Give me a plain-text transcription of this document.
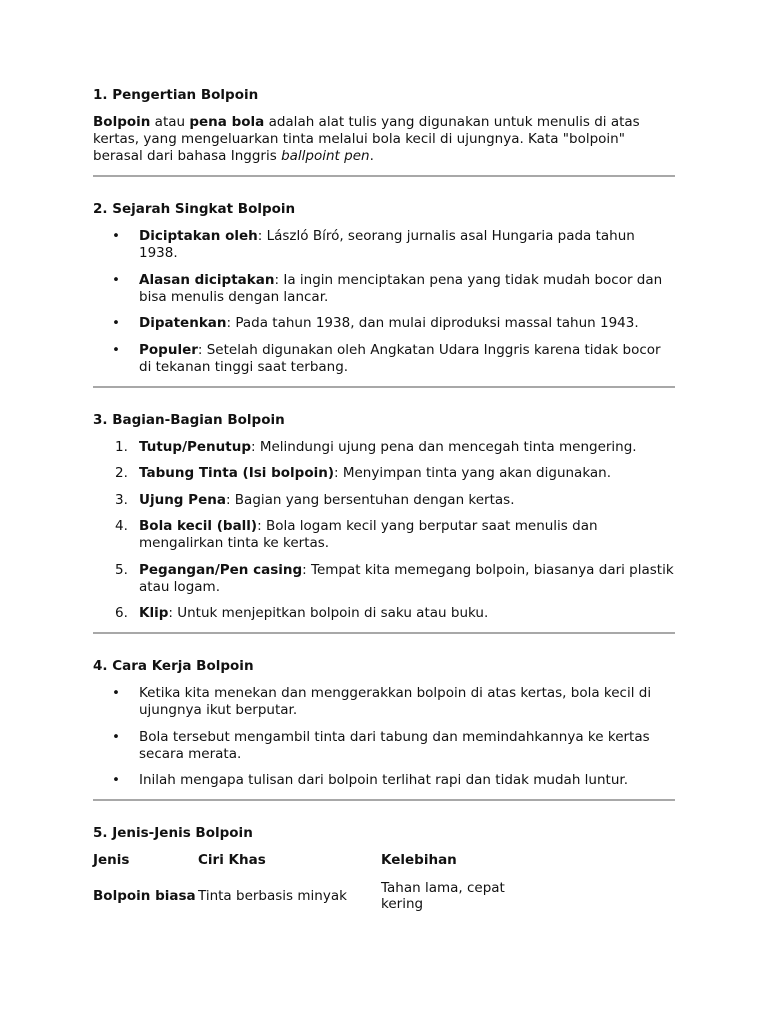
1. Pengertian Bolpoin

Bolpoin atau pena bola adalah alat tulis yang digunakan untuk menulis di atas kertas, yang mengeluarkan tinta melalui bola kecil di ujungnya. Kata "bolpoin" berasal dari bahasa Inggris ballpoint pen.

2. Sejarah Singkat Bolpoin
• Diciptakan oleh: László Bíró, seorang jurnalis asal Hungaria pada tahun 1938.
• Alasan diciptakan: Ia ingin menciptakan pena yang tidak mudah bocor dan bisa menulis dengan lancar.
• Dipatenkan: Pada tahun 1938, dan mulai diproduksi massal tahun 1943.
• Populer: Setelah digunakan oleh Angkatan Udara Inggris karena tidak bocor di tekanan tinggi saat terbang.
3. Bagian-Bagian Bolpoin
1. Tutup/Penutup: Melindungi ujung pena dan mencegah tinta mengering.
2. Tabung Tinta (Isi bolpoin): Menyimpan tinta yang akan digunakan.
3. Ujung Pena: Bagian yang bersentuhan dengan kertas.
4. Bola kecil (ball): Bola logam kecil yang berputar saat menulis dan mengalirkan tinta ke kertas.
5. Pegangan/Pen casing: Tempat kita memegang bolpoin, biasanya dari plastik atau logam.
6. Klip: Untuk menjepitkan bolpoin di saku atau buku.
4. Cara Kerja Bolpoin
• Ketika kita menekan dan menggerakkan bolpoin di atas kertas, bola kecil di ujungnya ikut berputar.
• Bola tersebut mengambil tinta dari tabung dan memindahkannya ke kertas secara merata.
• Inilah mengapa tulisan dari bolpoin terlihat rapi dan tidak mudah luntur.
5. Jenis-Jenis Bolpoin
Jenis	Ciri Khas	Kelebihan
Bolpoin biasa	Tinta berbasis minyak	Tahan lama, cepat kering
